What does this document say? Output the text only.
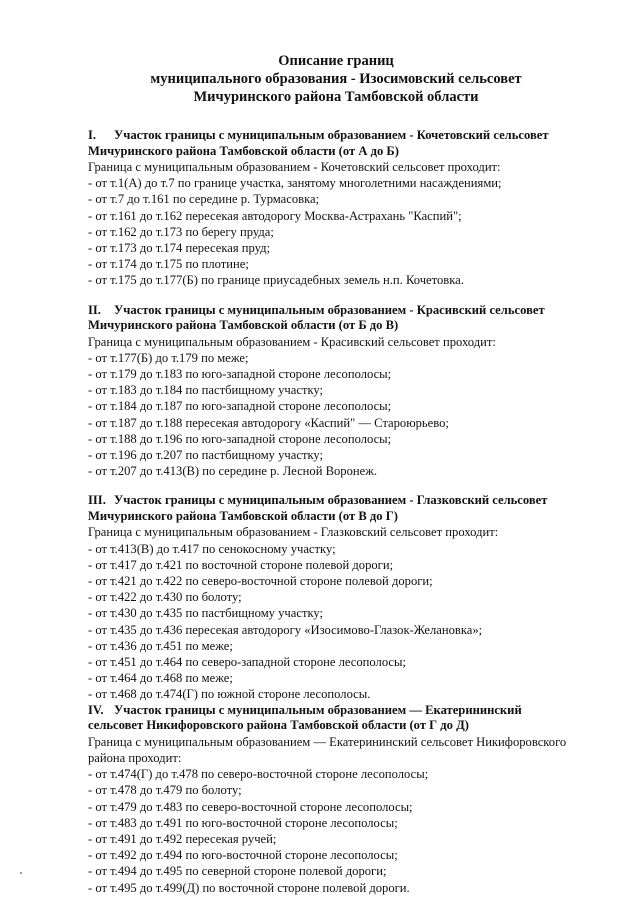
Описание границ
муниципального образования - Изосимовский сельсовет
Мичуринского района Тамбовской области
I. Участок границы с муниципальным образованием - Кочетовский сельсовет
Мичуринского района Тамбовской области (от А до Б)

Граница с муниципальным образованием - Кочетовский сельсовет проходит:

- от т.1(А) до т.7 по границе участка, занятому многолетними насаждениями;

- от т.7 до т.161 по середине р. Турмасовка;

- от т.161 до т.162 пересекая автодорогу Москва-Астрахань "Каспий";

- от т.162 до т.173 по берегу пруда;

- от т.173 до т.174 пересекая пруд;

- от т.174 до т.175 по плотине;

- от т.175 до т.177(Б) по границе приусадебных земель н.п. Кочетовка.

II. Участок границы с муниципальным образованием - Красивский сельсовет
Мичуринского района Тамбовской области (от Б до В)

Граница с муниципальным образованием - Красивский сельсовет проходит:

- от т.177(Б) до т.179 по меже;

- от т.179 до т.183 по юго-западной стороне лесополосы;

- от т.183 до т.184 по пастбищному участку;

- от т.184 до т.187 по юго-западной стороне лесополосы;

- от т.187 до т.188 пересекая автодорогу «Каспий" — Староюрьево;

- от т.188 до т.196 по юго-западной стороне лесополосы;

- от т.196 до т.207 по пастбищному участку;

- от т.207 до т.413(В) по середине р. Лесной Воронеж.

III. Участок границы с муниципальным образованием - Глазковский сельсовет
Мичуринского района Тамбовской области (от В до Г)

Граница с муниципальным образованием - Глазковский сельсовет проходит:

- от т.413(В) до т.417 по сенокосному участку;

- от т.417 до т.421 по восточной стороне полевой дороги;

- от т.421 до т.422 по северо-восточной стороне полевой дороги;

- от т.422 до т.430 по болоту;

- от т.430 до т.435 по пастбищному участку;

- от т.435 до т.436 пересекая автодорогу «Изосимово-Глазок-Желановка»;

- от т.436 до т.451 по меже;

- от т.451 до т.464 по северо-западной стороне лесополосы;

- от т.464 до т.468 по меже;

- от т.468 до т.474(Г) по южной стороне лесополосы.

IV. Участок границы с муниципальным образованием — Екатерининский
сельсовет Никифоровского района Тамбовской области (от Г до Д)

Граница с муниципальным образованием — Екатерининский сельсовет Никифоровского района проходит:

- от т.474(Г) до т.478 по северо-восточной стороне лесополосы;

- от т.478 до т.479 по болоту;

- от т.479 до т.483 по северо-восточной стороне лесополосы;

- от т.483 до т.491 по юго-восточной стороне лесополосы;

- от т.491 до т.492 пересекая ручей;

- от т.492 до т.494 по юго-восточной стороне лесополосы;

- от т.494 до т.495 по северной стороне полевой дороги;

- от т.495 до т.499(Д) по восточной стороне полевой дороги.
